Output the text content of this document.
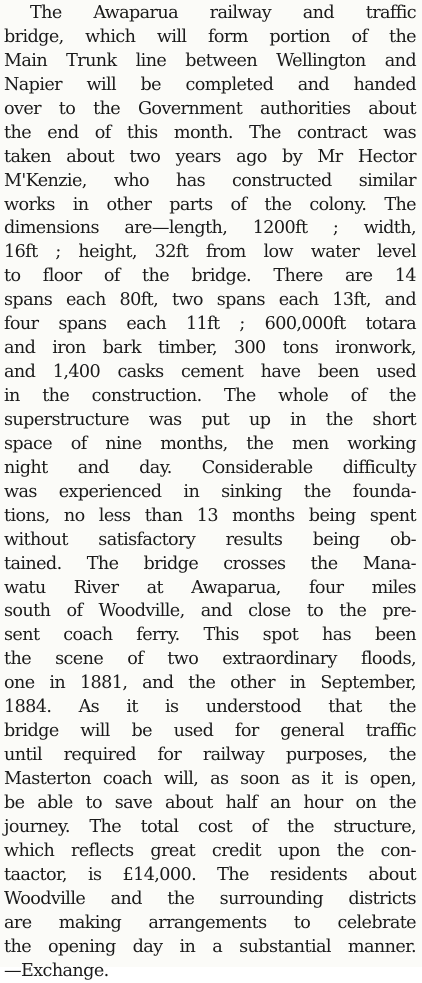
The Awaparua railway and traffic
bridge, which will form portion of the
Main Trunk line between Wellington and
Napier will be completed and handed
over to the Government authorities about
the end of this month. The contract was
taken about two years ago by Mr Hector
M'Kenzie, who has constructed similar
works in other parts of the colony. The
dimensions are—length, 1200ft ; width,
16ft ; height, 32ft from low water level
to floor of the bridge. There are 14
spans each 80ft, two spans each 13ft, and
four spans each 11ft ; 600,000ft totara
and iron bark timber, 300 tons ironwork,
and 1,400 casks cement have been used
in the construction. The whole of the
superstructure was put up in the short
space of nine months, the men working
night and day. Considerable difficulty
was experienced in sinking the founda-
tions, no less than 13 months being spent
without satisfactory results being ob-
tained. The bridge crosses the Mana-
watu River at Awaparua, four miles
south of Woodville, and close to the pre-
sent coach ferry. This spot has been
the scene of two extraordinary floods,
one in 1881, and the other in September,
1884. As it is understood that the
bridge will be used for general traffic
until required for railway purposes, the
Masterton coach will, as soon as it is open,
be able to save about half an hour on the
journey. The total cost of the structure,
which reflects great credit upon the con-
taactor, is £14,000. The residents about
Woodville and the surrounding districts
are making arrangements to celebrate
the opening day in a substantial manner.
—Exchange.
